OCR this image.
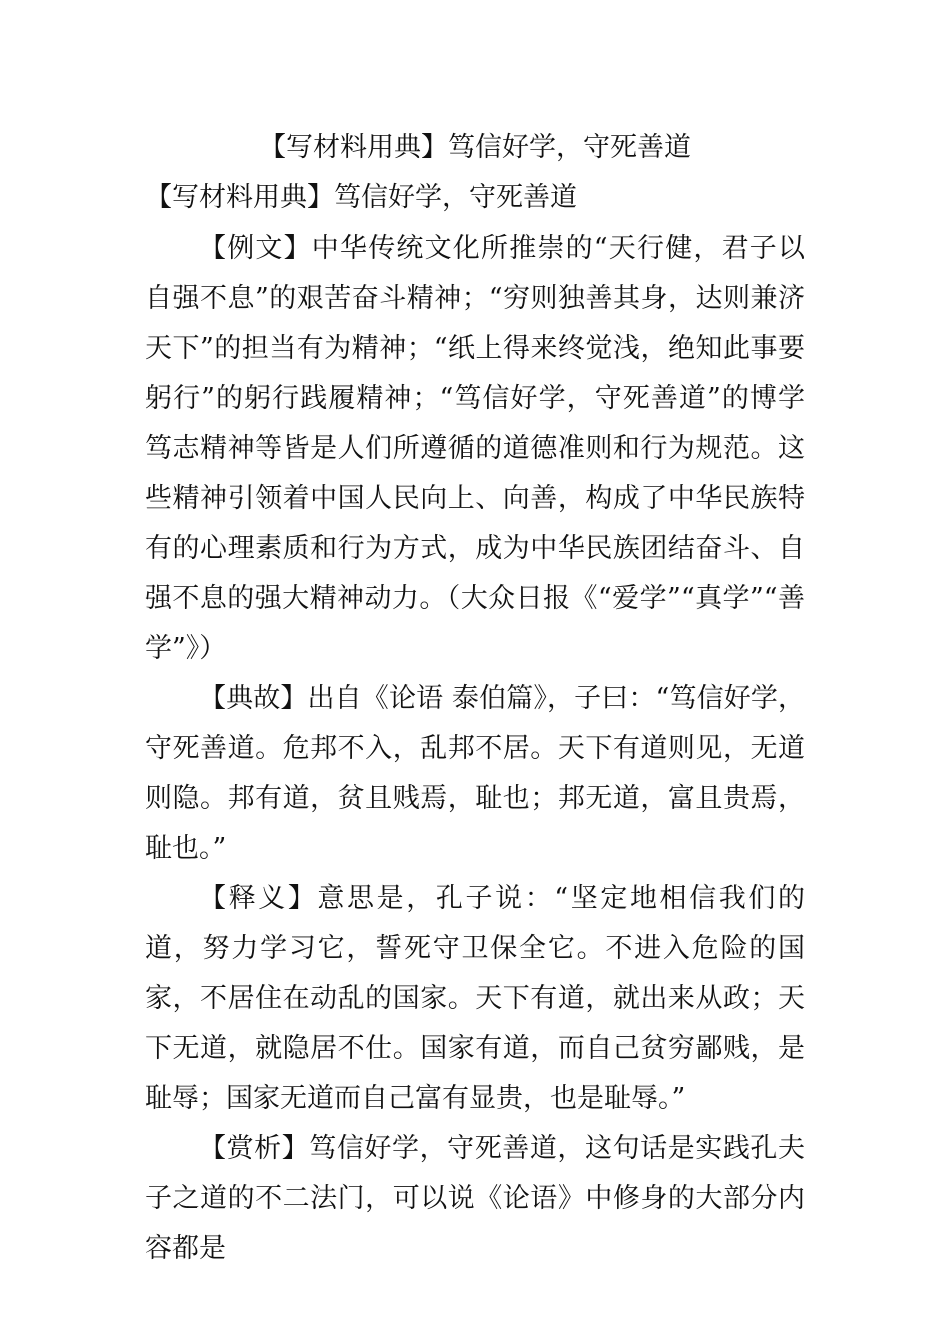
【写材料用典】笃信好学，守死善道

【写材料用典】笃信好学，守死善道

【例文】中华传统文化所推崇的“天行健，君子以自强不息”的艰苦奋斗精神；“穷则独善其身，达则兼济天下”的担当有为精神；“纸上得来终觉浅，绝知此事要躬行”的躬行践履精神；“笃信好学，守死善道”的博学笃志精神等皆是人们所遵循的道德准则和行为规范。这些精神引领着中国人民向上、向善，构成了中华民族特有的心理素质和行为方式，成为中华民族团结奋斗、自强不息的强大精神动力。（大众日报《“爱学”“真学”“善学”》）

【典故】出自《论语 泰伯篇》，子曰：“笃信好学，守死善道。危邦不入，乱邦不居。天下有道则见，无道则隐。邦有道，贫且贱焉，耻也；邦无道，富且贵焉，耻也。”

【释义】意思是，孔子说：“坚定地相信我们的道，努力学习它，誓死守卫保全它。不进入危险的国家，不居住在动乱的国家。天下有道，就出来从政；天下无道，就隐居不仕。国家有道，而自己贫穷鄙贱，是耻辱；国家无道而自己富有显贵，也是耻辱。”

【赏析】笃信好学，守死善道，这句话是实践孔夫子之道的不二法门，可以说《论语》中修身的大部分内容都是
